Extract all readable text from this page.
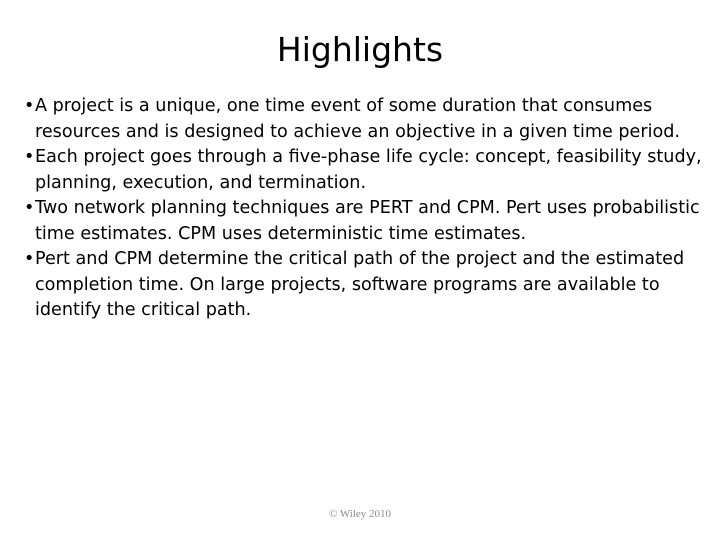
Highlights
• A project is a unique, one time event of some duration that consumes resources and is designed to achieve an objective in a given time period.
• Each project goes through a five-phase life cycle: concept, feasibility study, planning, execution, and termination.
• Two network planning techniques are PERT and CPM. Pert uses probabilistic time estimates. CPM uses deterministic time estimates.
• Pert and CPM determine the critical path of the project and the estimated completion time. On large projects, software programs are available to identify the critical path.
© Wiley 2010
